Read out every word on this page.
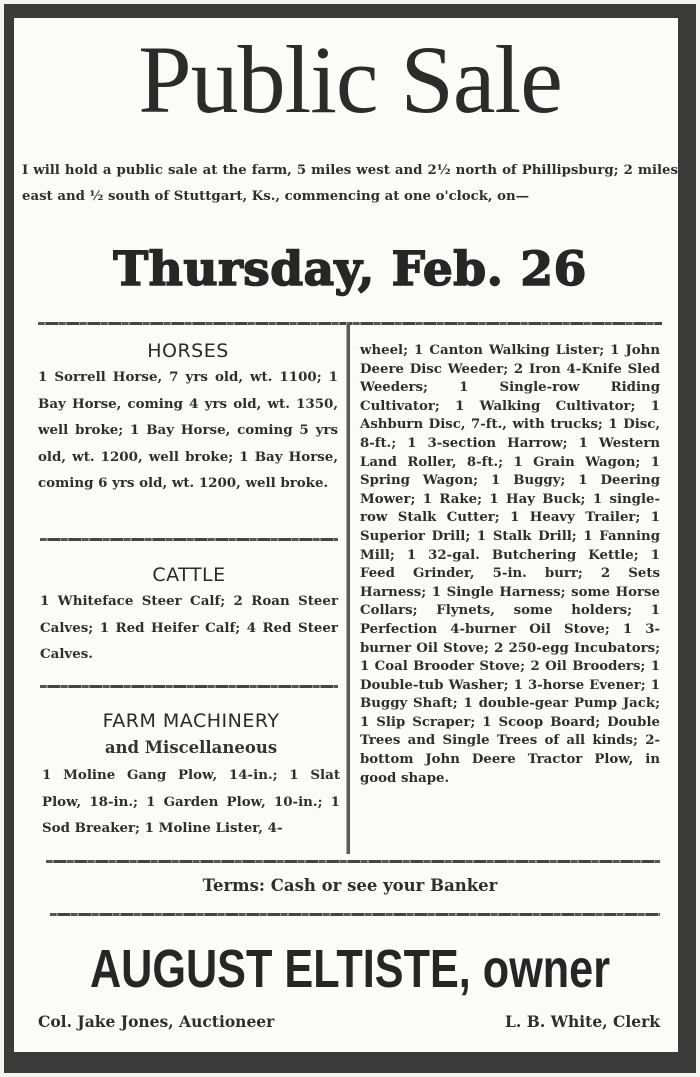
Public Sale
I will hold a public sale at the farm, 5 miles west and 2½ north of Phillipsburg; 2 miles east and ½ south of Stuttgart, Ks., commencing at one o'clock, on—
Thursday, Feb. 26
HORSES
1 Sorrell Horse, 7 yrs old, wt. 1100; 1 Bay Horse, coming 4 yrs old, wt. 1350, well broke; 1 Bay Horse, coming 5 yrs old, wt. 1200, well broke; 1 Bay Horse, coming 6 yrs old, wt. 1200, well broke.
CATTLE
1 Whiteface Steer Calf; 2 Roan Steer Calves; 1 Red Heifer Calf; 4 Red Steer Calves.
FARM MACHINERY
and Miscellaneous
1 Moline Gang Plow, 14-in.; 1 Slat Plow, 18-in.; 1 Garden Plow, 10-in.; 1 Sod Breaker; 1 Moline Lister, 4-
wheel; 1 Canton Walking Lister; 1 John Deere Disc Weeder; 2 Iron 4-Knife Sled Weeders; 1 Single-row Riding Cultivator; 1 Walking Cultivator; 1 Ashburn Disc, 7-ft., with trucks; 1 Disc, 8-ft.; 1 3-section Harrow; 1 Western Land Roller, 8-ft.; 1 Grain Wagon; 1 Spring Wagon; 1 Buggy; 1 Deering Mower; 1 Rake; 1 Hay Buck; 1 single-row Stalk Cutter; 1 Heavy Trailer; 1 Superior Drill; 1 Stalk Drill; 1 Fanning Mill; 1 32-gal. Butchering Kettle; 1 Feed Grinder, 5-in. burr; 2 Sets Harness; 1 Single Harness; some Horse Collars; Flynets, some holders; 1 Perfection 4-burner Oil Stove; 1 3-burner Oil Stove; 2 250-egg Incubators; 1 Coal Brooder Stove; 2 Oil Brooders; 1 Double-tub Washer; 1 3-horse Evener; 1 Buggy Shaft; 1 double-gear Pump Jack; 1 Slip Scraper; 1 Scoop Board; Double Trees and Single Trees of all kinds; 2-bottom John Deere Tractor Plow, in good shape.
Terms: Cash or see your Banker
AUGUST ELTISTE, owner
Col. Jake Jones, Auctioneer	L. B. White, Clerk
